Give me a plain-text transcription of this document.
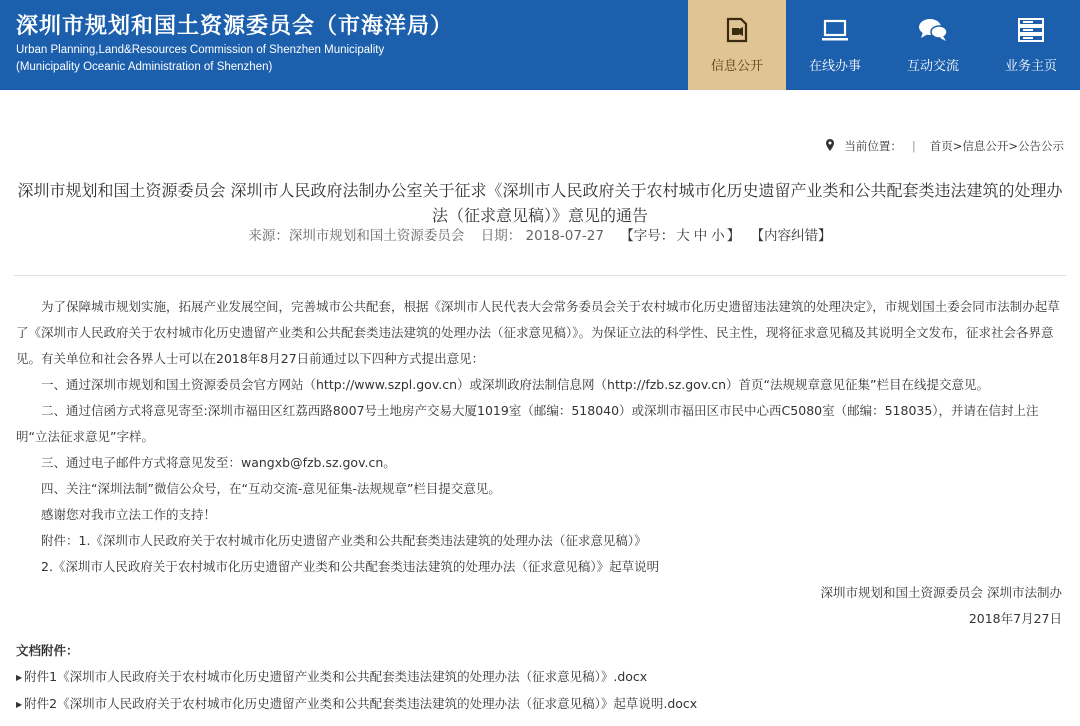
深圳市规划和国土资源委员会（市海洋局）
Urban Planning,Land&Resources Commission of Shenzhen Municipality
(Municipality Oceanic Administration of Shenzhen)	信息公开	在线办事	互动交流	业务主页
当前位置： | 首页 > 信息公开 > 公告公示
深圳市规划和国土资源委员会 深圳市人民政府法制办公室关于征求《深圳市人民政府关于农村城市化历史遗留产业类和公共配套类违法建筑的处理办法（征求意见稿）》意见的通告
来源：深圳市规划和国土资源委员会 日期： 2018-07-27 【字号： 大 中 小 】 【内容纠错】

为了保障城市规划实施，拓展产业发展空间，完善城市公共配套，根据《深圳市人民代表大会常务委员会关于农村城市化历史遗留违法建筑的处理决定》，市规划国土委会同市法制办起草了《深圳市人民政府关于农村城市化历史遗留产业类和公共配套类违法建筑的处理办法（征求意见稿）》。为保证立法的科学性、民主性，现将征求意见稿及其说明全文发布，征求社会各界意见。有关单位和社会各界人士可以在2018年8月27日前通过以下四种方式提出意见：

一、通过深圳市规划和国土资源委员会官方网站（http://www.szpl.gov.cn）或深圳政府法制信息网（http://fzb.sz.gov.cn）首页“法规规章意见征集”栏目在线提交意见。

二、通过信函方式将意见寄至:深圳市福田区红荔西路8007号土地房产交易大厦1019室（邮编：518040）或深圳市福田区市民中心西C5080室（邮编：518035），并请在信封上注明“立法征求意见”字样。

三、通过电子邮件方式将意见发至：wangxb@fzb.sz.gov.cn。

四、关注“深圳法制”微信公众号，在“互动交流-意见征集-法规规章”栏目提交意见。

感谢您对我市立法工作的支持！

附件：1.《深圳市人民政府关于农村城市化历史遗留产业类和公共配套类违法建筑的处理办法（征求意见稿）》

2.《深圳市人民政府关于农村城市化历史遗留产业类和公共配套类违法建筑的处理办法（征求意见稿）》起草说明

深圳市规划和国土资源委员会 深圳市法制办

2018年7月27日

文档附件：
▶ 附件1《深圳市人民政府关于农村城市化历史遗留产业类和公共配套类违法建筑的处理办法（征求意见稿）》.docx
▶ 附件2《深圳市人民政府关于农村城市化历史遗留产业类和公共配套类违法建筑的处理办法（征求意见稿）》起草说明.docx
